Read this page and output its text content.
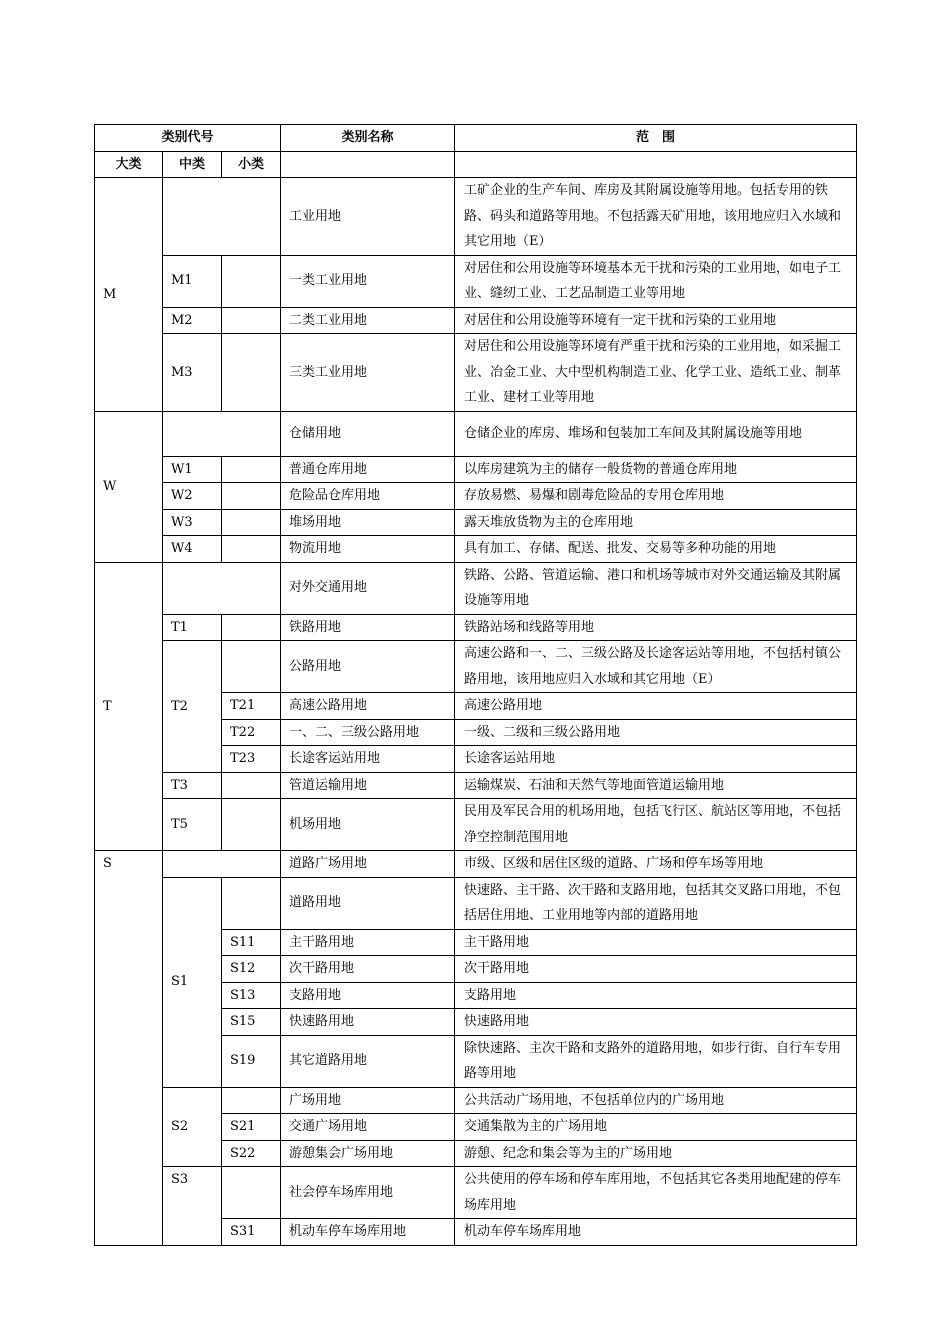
类别代号			类别名称	范　围
大类	中类	小类		
M			工业用地	工矿企业的生产车间、库房及其附属设施等用地。包括专用的铁路、码头和道路等用地。不包括露天矿用地，该用地应归入水域和其它用地（E）
	M1		一类工业用地	对居住和公用设施等环境基本无干扰和污染的工业用地，如电子工业、缝纫工业、工艺品制造工业等用地
	M2		二类工业用地	对居住和公用设施等环境有一定干扰和污染的工业用地
	M3		三类工业用地	对居住和公用设施等环境有严重干扰和污染的工业用地，如采掘工业、冶金工业、大中型机构制造工业、化学工业、造纸工业、制革工业、建材工业等用地
W			仓储用地	仓储企业的库房、堆场和包装加工车间及其附属设施等用地
	W1		普通仓库用地	以库房建筑为主的储存一般货物的普通仓库用地
	W2		危险品仓库用地	存放易燃、易爆和剧毒危险品的专用仓库用地
	W3		堆场用地	露天堆放货物为主的仓库用地
	W4		物流用地	具有加工、存储、配送、批发、交易等多种功能的用地
T			对外交通用地	铁路、公路、管道运输、港口和机场等城市对外交通运输及其附属设施等用地
	T1		铁路用地	铁路站场和线路等用地
	T2		公路用地	高速公路和一、二、三级公路及长途客运站等用地，不包括村镇公路用地，该用地应归入水域和其它用地（E）
		T21	高速公路用地	高速公路用地
		T22	一、二、三级公路用地	一级、二级和三级公路用地
		T23	长途客运站用地	长途客运站用地
	T3		管道运输用地	运输煤炭、石油和天然气等地面管道运输用地
	T5		机场用地	民用及军民合用的机场用地，包括飞行区、航站区等用地，不包括净空控制范围用地
S			道路广场用地	市级、区级和居住区级的道路、广场和停车场等用地
	S1		道路用地	快速路、主干路、次干路和支路用地，包括其交叉路口用地，不包括居住用地、工业用地等内部的道路用地
		S11	主干路用地	主干路用地
		S12	次干路用地	次干路用地
		S13	支路用地	支路用地
		S15	快速路用地	快速路用地
		S19	其它道路用地	除快速路、主次干路和支路外的道路用地，如步行街、自行车专用路等用地
	S2		广场用地	公共活动广场用地，不包括单位内的广场用地
		S21	交通广场用地	交通集散为主的广场用地
		S22	游憩集会广场用地	游憩、纪念和集会等为主的广场用地
	S3		社会停车场库用地	公共使用的停车场和停车库用地，不包括其它各类用地配建的停车场库用地
		S31	机动车停车场库用地	机动车停车场库用地
